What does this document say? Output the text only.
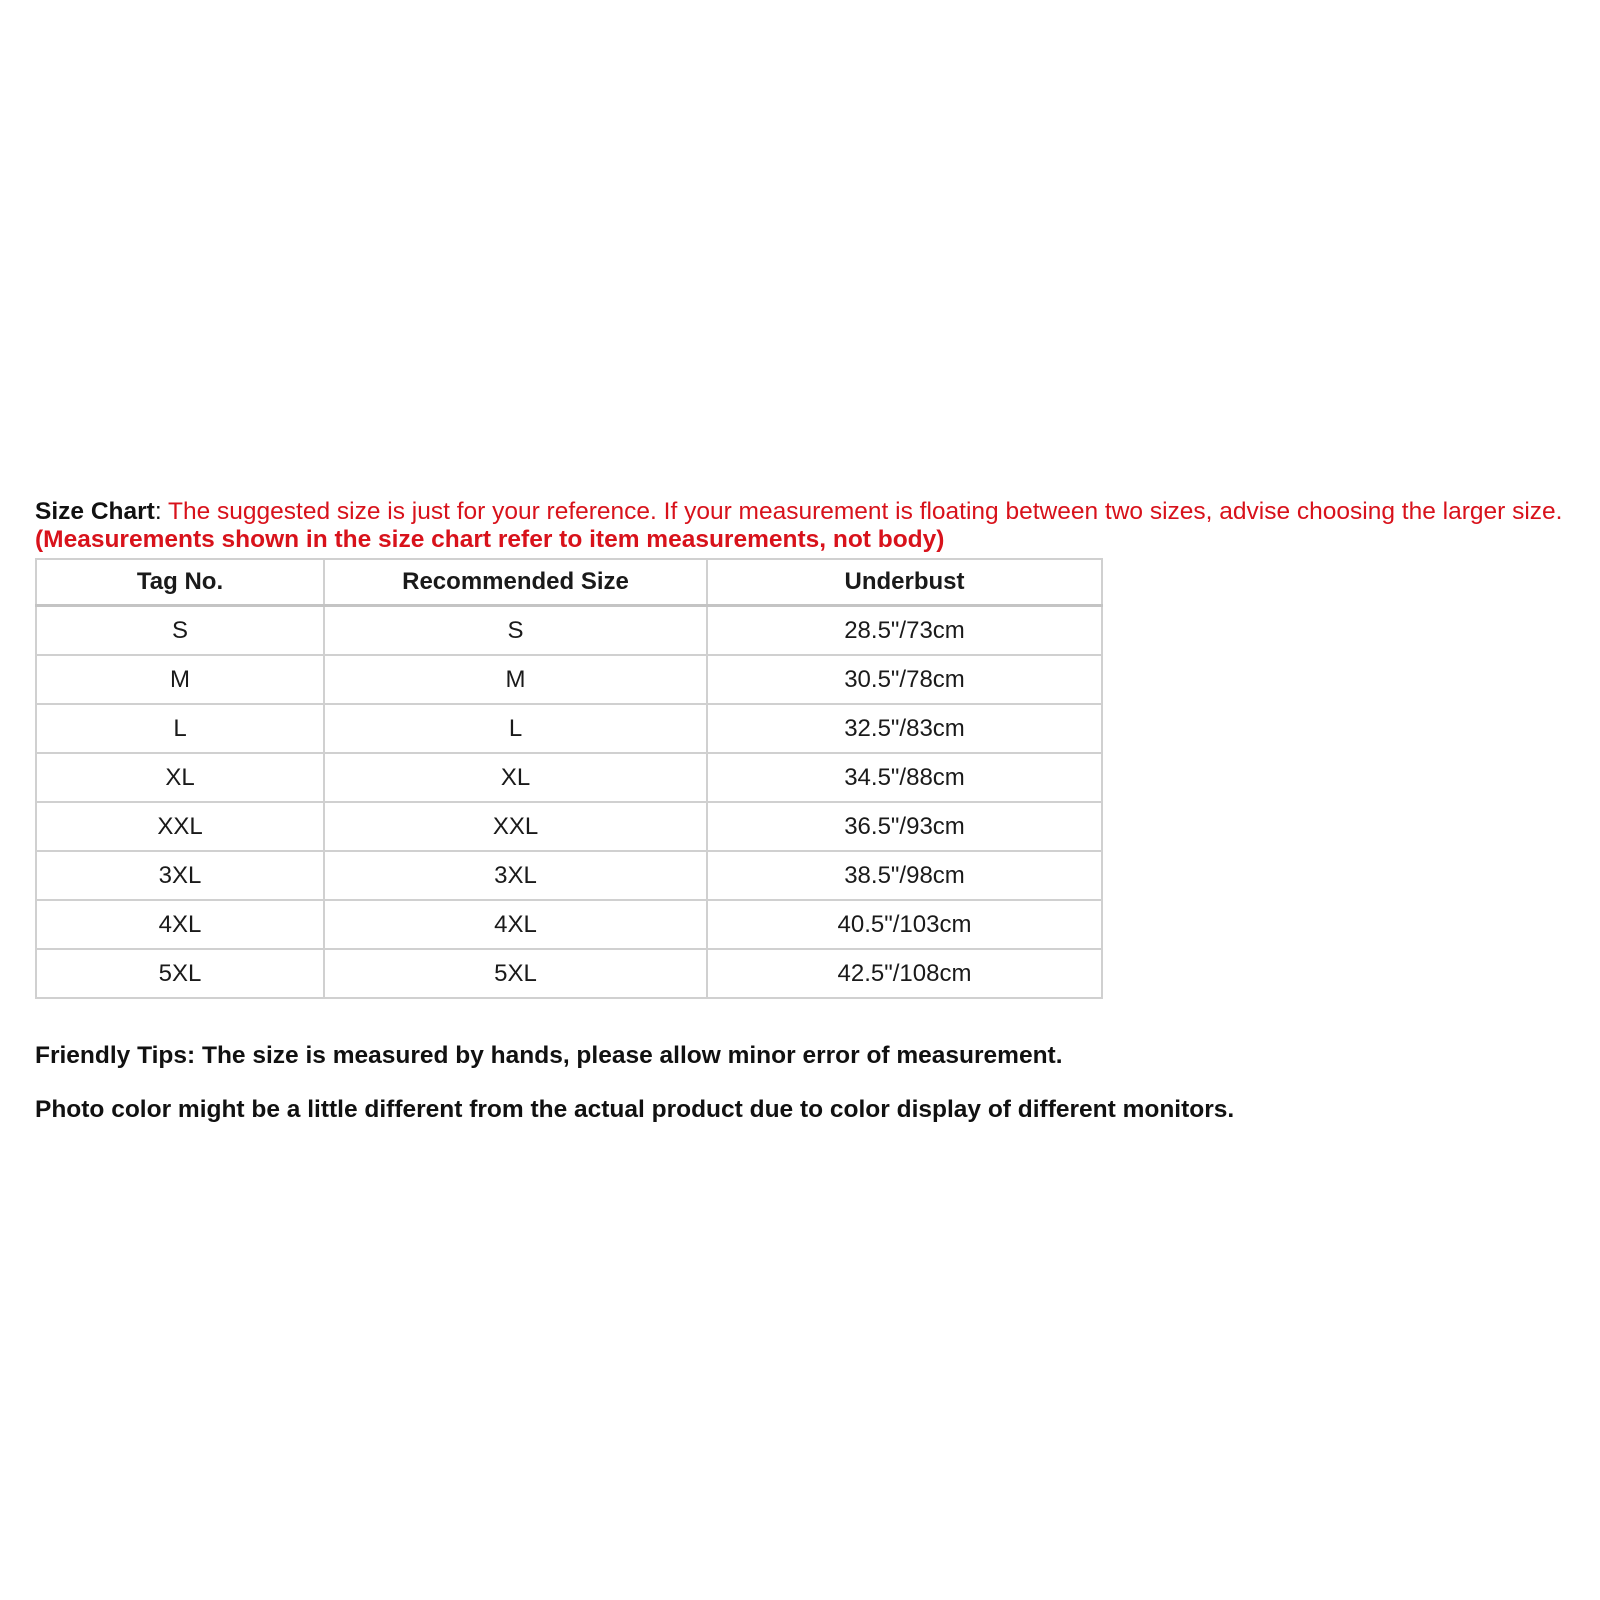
Size Chart: The suggested size is just for your reference. If your measurement is floating between two sizes, advise choosing the larger size. (Measurements shown in the size chart refer to item measurements, not body)
Tag No.	Recommended Size	Underbust
S	S	28.5"/73cm
M	M	30.5"/78cm
L	L	32.5"/83cm
XL	XL	34.5"/88cm
XXL	XXL	36.5"/93cm
3XL	3XL	38.5"/98cm
4XL	4XL	40.5"/103cm
5XL	5XL	42.5"/108cm
Friendly Tips: The size is measured by hands, please allow minor error of measurement.
Photo color might be a little different from the actual product due to color display of different monitors.
